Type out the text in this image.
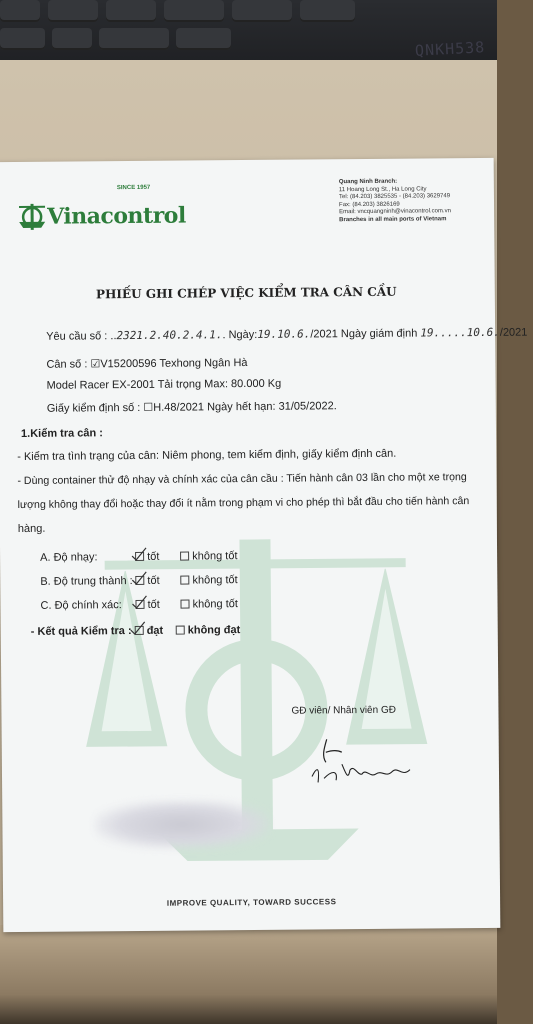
QNKH538
Vinacontrol
SINCE 1957
Quang Ninh Branch:
11 Hoang Long St., Ha Long City
Tel: (84.203) 3825535 - (84.203) 3629749
Fax: (84.203) 3826169
Email: vncquangninh@vinacontrol.com.vn
Branches in all main ports of Vietnam
PHIẾU GHI CHÉP VIỆC KIỂM TRA CÂN CẦU
Yêu cầu số : ..2321.2.40.2.4.1.. Ngày:19.10.6./2021 Ngày giám định 19.....10.6./2021
Cân số : ☑V15200596 Texhong Ngân Hà
Model Racer EX-2001 Tải trọng Max: 80.000 Kg
Giấy kiểm định số : ☐H.48/2021 Ngày hết hạn: 31/05/2022.
1.Kiểm tra cân :
- Kiểm tra tình trạng của cân: Niêm phong, tem kiểm định, giấy kiểm định cân.
- Dùng container thử độ nhạy và chính xác của cân cầu : Tiến hành cân 03 lần cho một xe trọng
lượng không thay đổi hoặc thay đổi ít nằm trong phạm vi cho phép thì bắt đầu cho tiến hành cân
hàng.
A. Độ nhạy:	tốt	không tốt
B. Độ trung thành : tốt	không tốt
C. Độ chính xác: tốt	không tốt
- Kết quả Kiểm tra : đạt không đạt
GĐ viên/ Nhân viên GĐ
IMPROVE QUALITY, TOWARD SUCCESS
